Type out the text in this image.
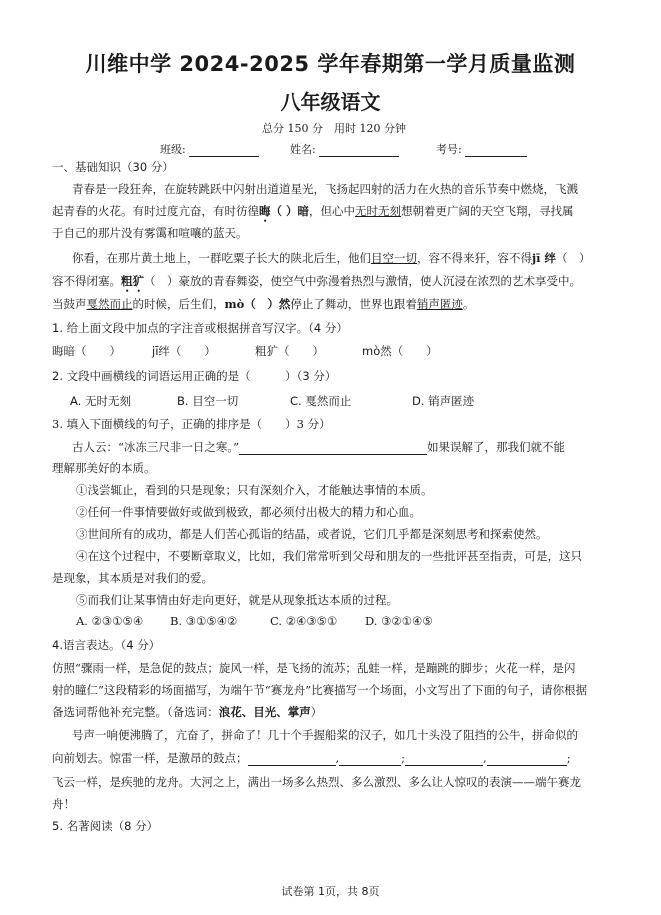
川维中学 2024-2025 学年春期第一学月质量监测
八年级语文
总分 150 分　用时 120 分钟
班级:	姓名:	考号:
一、基础知识（30 分）
青春是一段狂奔，在旋转跳跃中闪射出道道星光，飞扬起四射的活力在火热的音乐节奏中燃烧，飞溅
起青春的火花。有时过度亢奋，有时彷徨晦（ ）暗，但心中无时无刻想朝着更广阔的天空飞翔，寻找属
于自己的那片没有雾霭和喧嚷的蓝天。
你看，在那片黄土地上，一群吃粟子长大的陕北后生，他们目空一切，容不得来犴，容不得jī 绊（　）
容不得闭塞。粗犷（　）豪放的青春舞姿，使空气中弥漫着热烈与激情，使人沉浸在浓烈的艺术享受中。
当鼓声戛然而止的时候，后生们，mò（　）然停止了舞动，世界也跟着销声匿迹。
1. 给上面文段中加点的字注音或根据拼音写汉字。（4 分）
晦暗（　　）	jī绊（　　）	粗犷（　　）	mò然（　　）
2. 文段中画横线的词语运用正确的是（　　　）（3 分）
A. 无时无刻	B. 目空一切	C. 戛然而止	D. 销声匿迹
3. 填入下面横线的句子，正确的排序是（　　）3 分）
古人云：“冰冻三尺非一日之寒。”	如果误解了，那我们就不能
理解那美好的本质。
①浅尝辄止，看到的只是现象；只有深刻介入，才能触达事情的本质。
②任何一件事情要做好或做到极致，都必须付出极大的精力和心血。
③世间所有的成功，都是人们苦心孤诣的结晶，或者说，它们几乎都是深刻思考和探索使然。
④在这个过程中，不要断章取义，比如，我们常常听到父母和朋友的一些批评甚至指责，可是，这只
是现象，其本质是对我们的爱。
⑤而我们让某事情由好走向更好，就是从现象抵达本质的过程。
A. ②③①⑤④ B. ③①⑤④②	C. ②④③⑤① D. ③②①④⑤
4.语言表达。（4 分）
仿照“骤雨一样，是急促的鼓点；旋风一样，是飞扬的流苏；乱蛙一样，是蹦跳的脚步；火花一样，是闪
射的瞳仁”这段精彩的场面描写，为端午节“赛龙舟”比赛描写一个场面，小文写出了下面的句子，请你根据
备选词帮他补充完整。（备选词：浪花、目光、掌声）
号声一响便沸腾了，亢奋了，拼命了！几十个手握船桨的汉子，如几十头没了阻挡的公牛，拼命似的
向前划去。惊雷一样，是激昂的鼓点；	,	;	,	;
飞云一样，是疾驰的龙舟。大河之上，满出一场多么热烈、多么激烈、多么让人惊叹的表演——端午赛龙
舟！
5. 名著阅读（8 分）
试卷第 1页，共 8页
